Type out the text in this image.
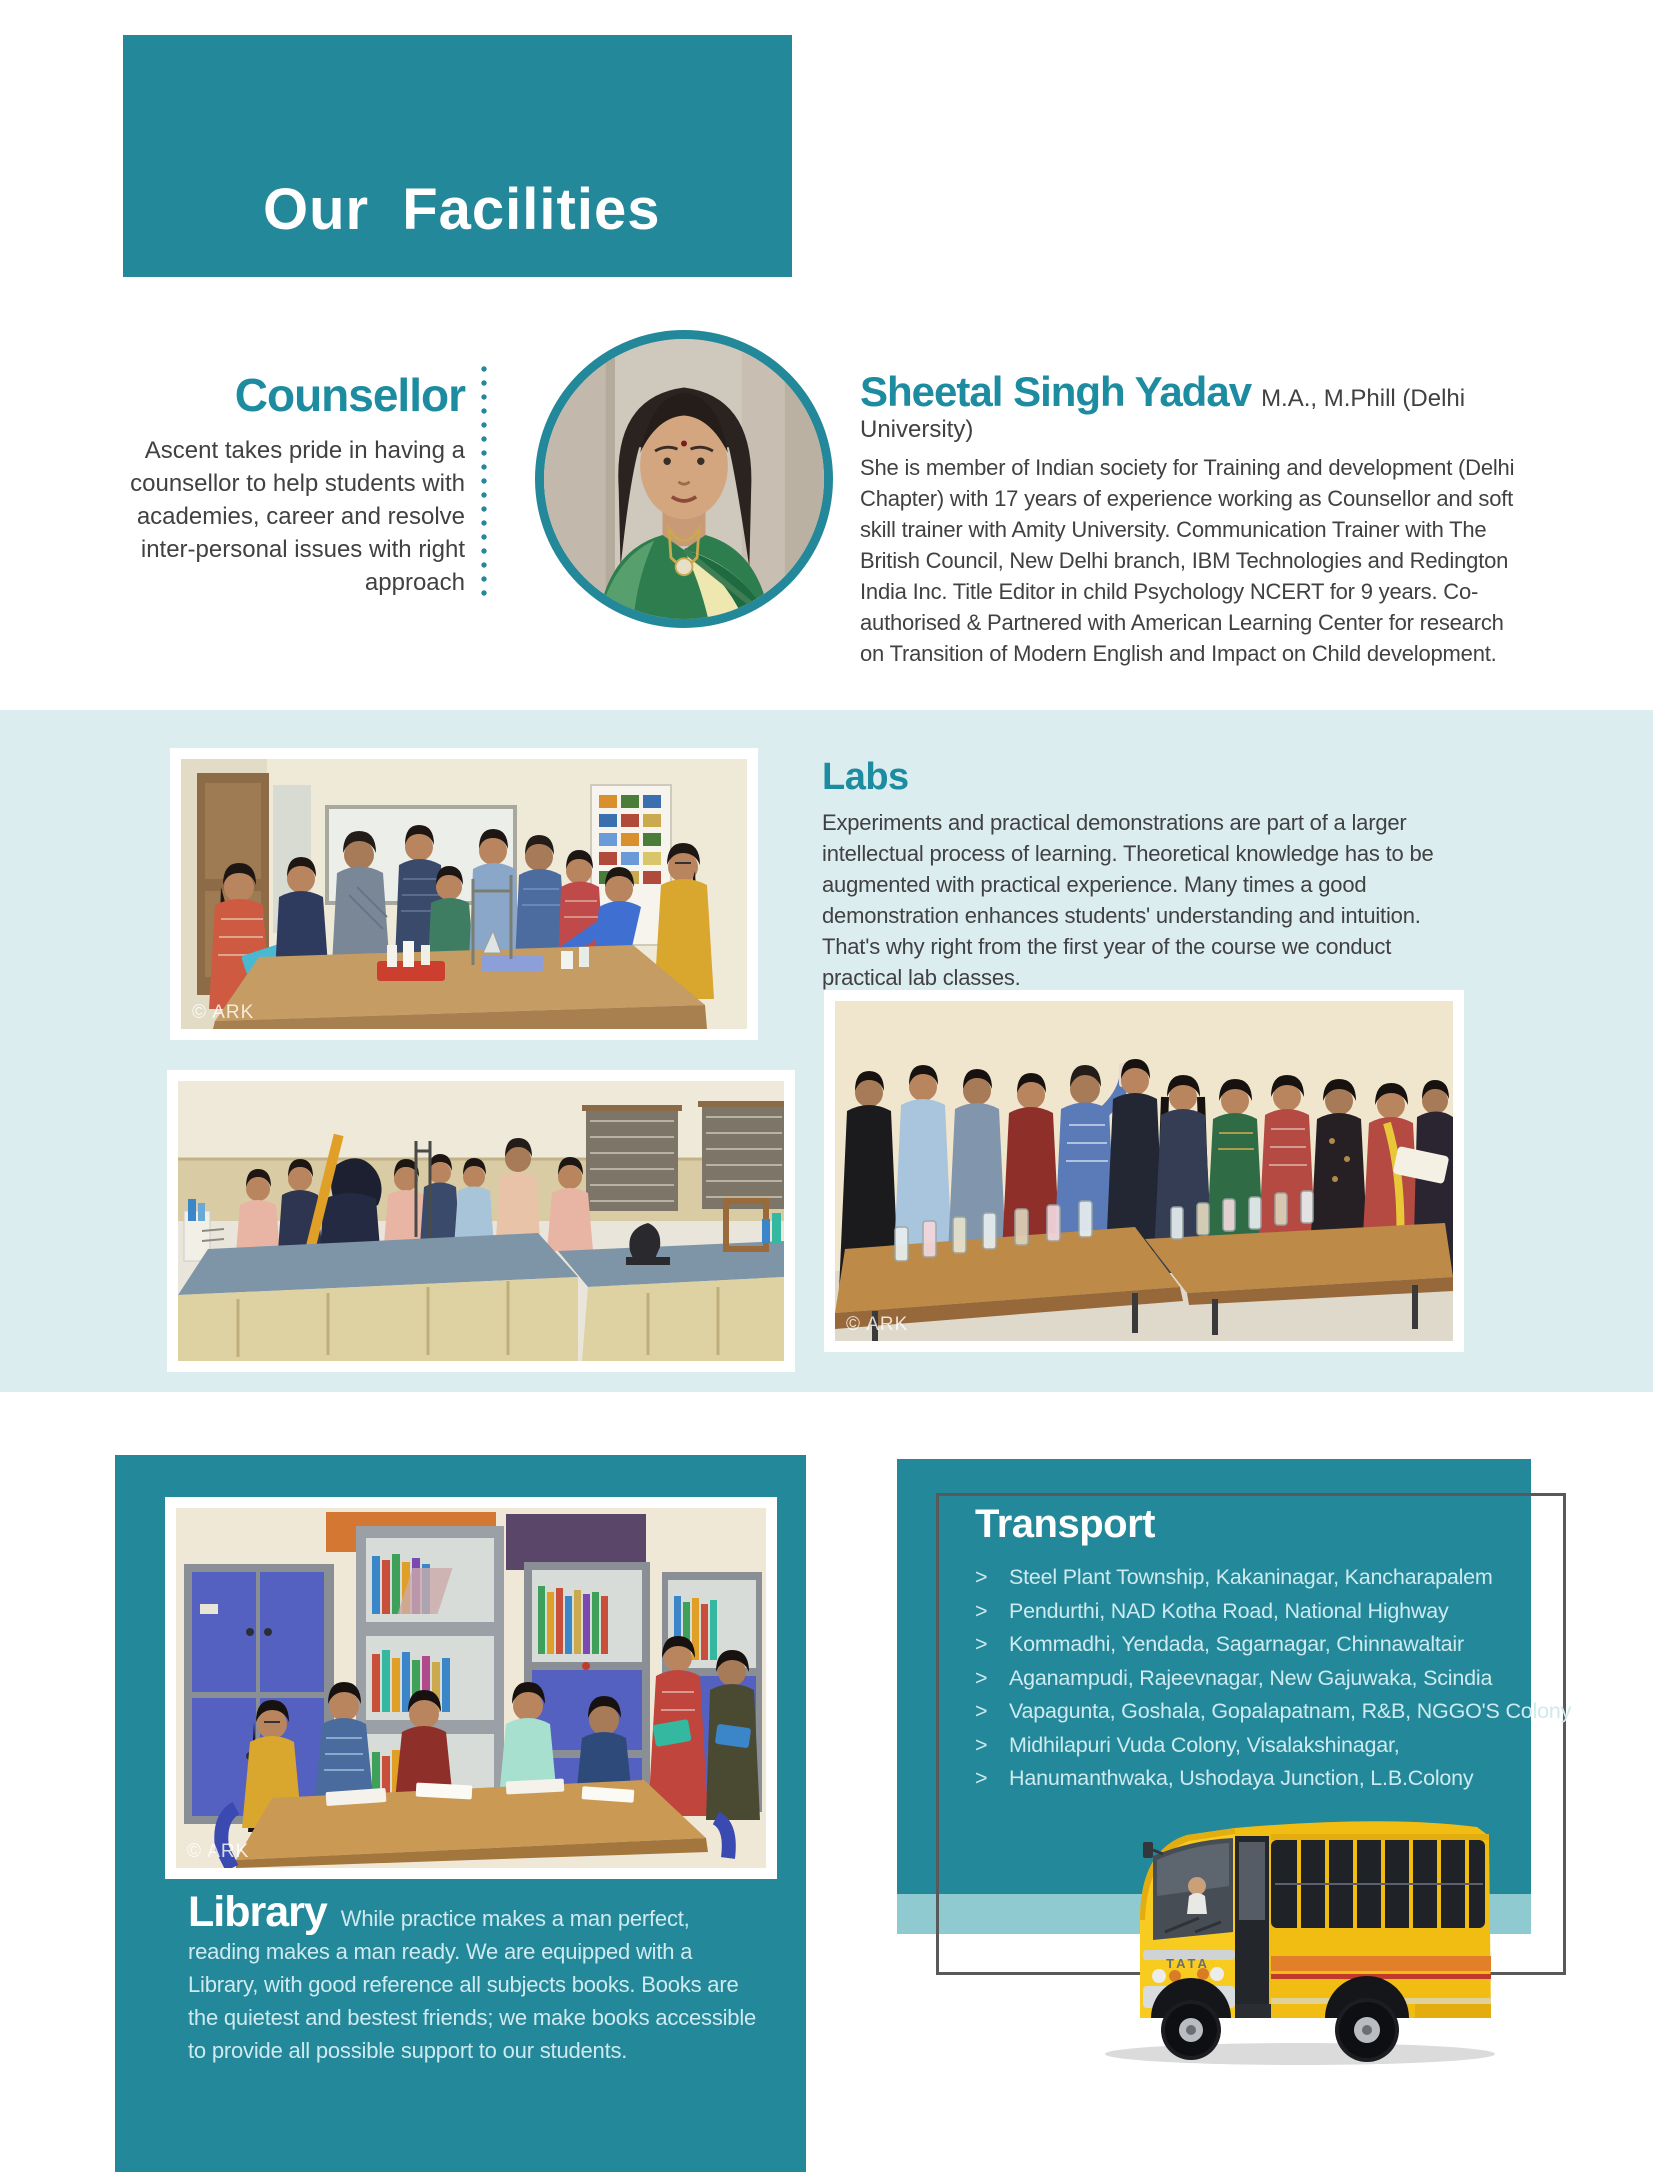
Our Facilities
Counsellor

Ascent takes pride in having a counsellor to help students with academies, career and resolve inter-personal issues with right approach

Sheetal Singh Yadav M.A., M.Phill (Delhi University)

She is member of Indian society for Training and development (Delhi Chapter) with 17 years of experience working as Counsellor and soft skill trainer with Amity University. Communication Trainer with The British Council, New Delhi branch, IBM Technologies and Redington India Inc. Title Editor in child Psychology NCERT for 9 years. Co-authorised & Partnered with American Learning Center for research on Transition of Modern English and Impact on Child development.

© ARK
Labs

Experiments and practical demonstrations are part of a larger intellectual process of learning. Theoretical knowledge has to be augmented with practical experience. Many times a good demonstration enhances students' understanding and intuition. That's why right from the first year of the course we conduct practical lab classes.

© ARK
© ARK
Library While practice makes a man perfect, reading makes a man ready. We are equipped with a Library, with good reference all subjects books. Books are the quietest and bestest friends; we make books accessible to provide all possible support to our students.
Transport
>	Steel Plant Township, Kakaninagar, Kancharapalem
>	Pendurthi, NAD Kotha Road, National Highway
>	Kommadhi, Yendada, Sagarnagar, Chinnawaltair
>	Aganampudi, Rajeevnagar, New Gajuwaka, Scindia
>	Vapagunta, Goshala, Gopalapatnam, R&B, NGGO'S Colony
>	Midhilapuri Vuda Colony, Visalakshinagar,
>	Hanumanthwaka, Ushodaya Junction, L.B.Colony
TATA
